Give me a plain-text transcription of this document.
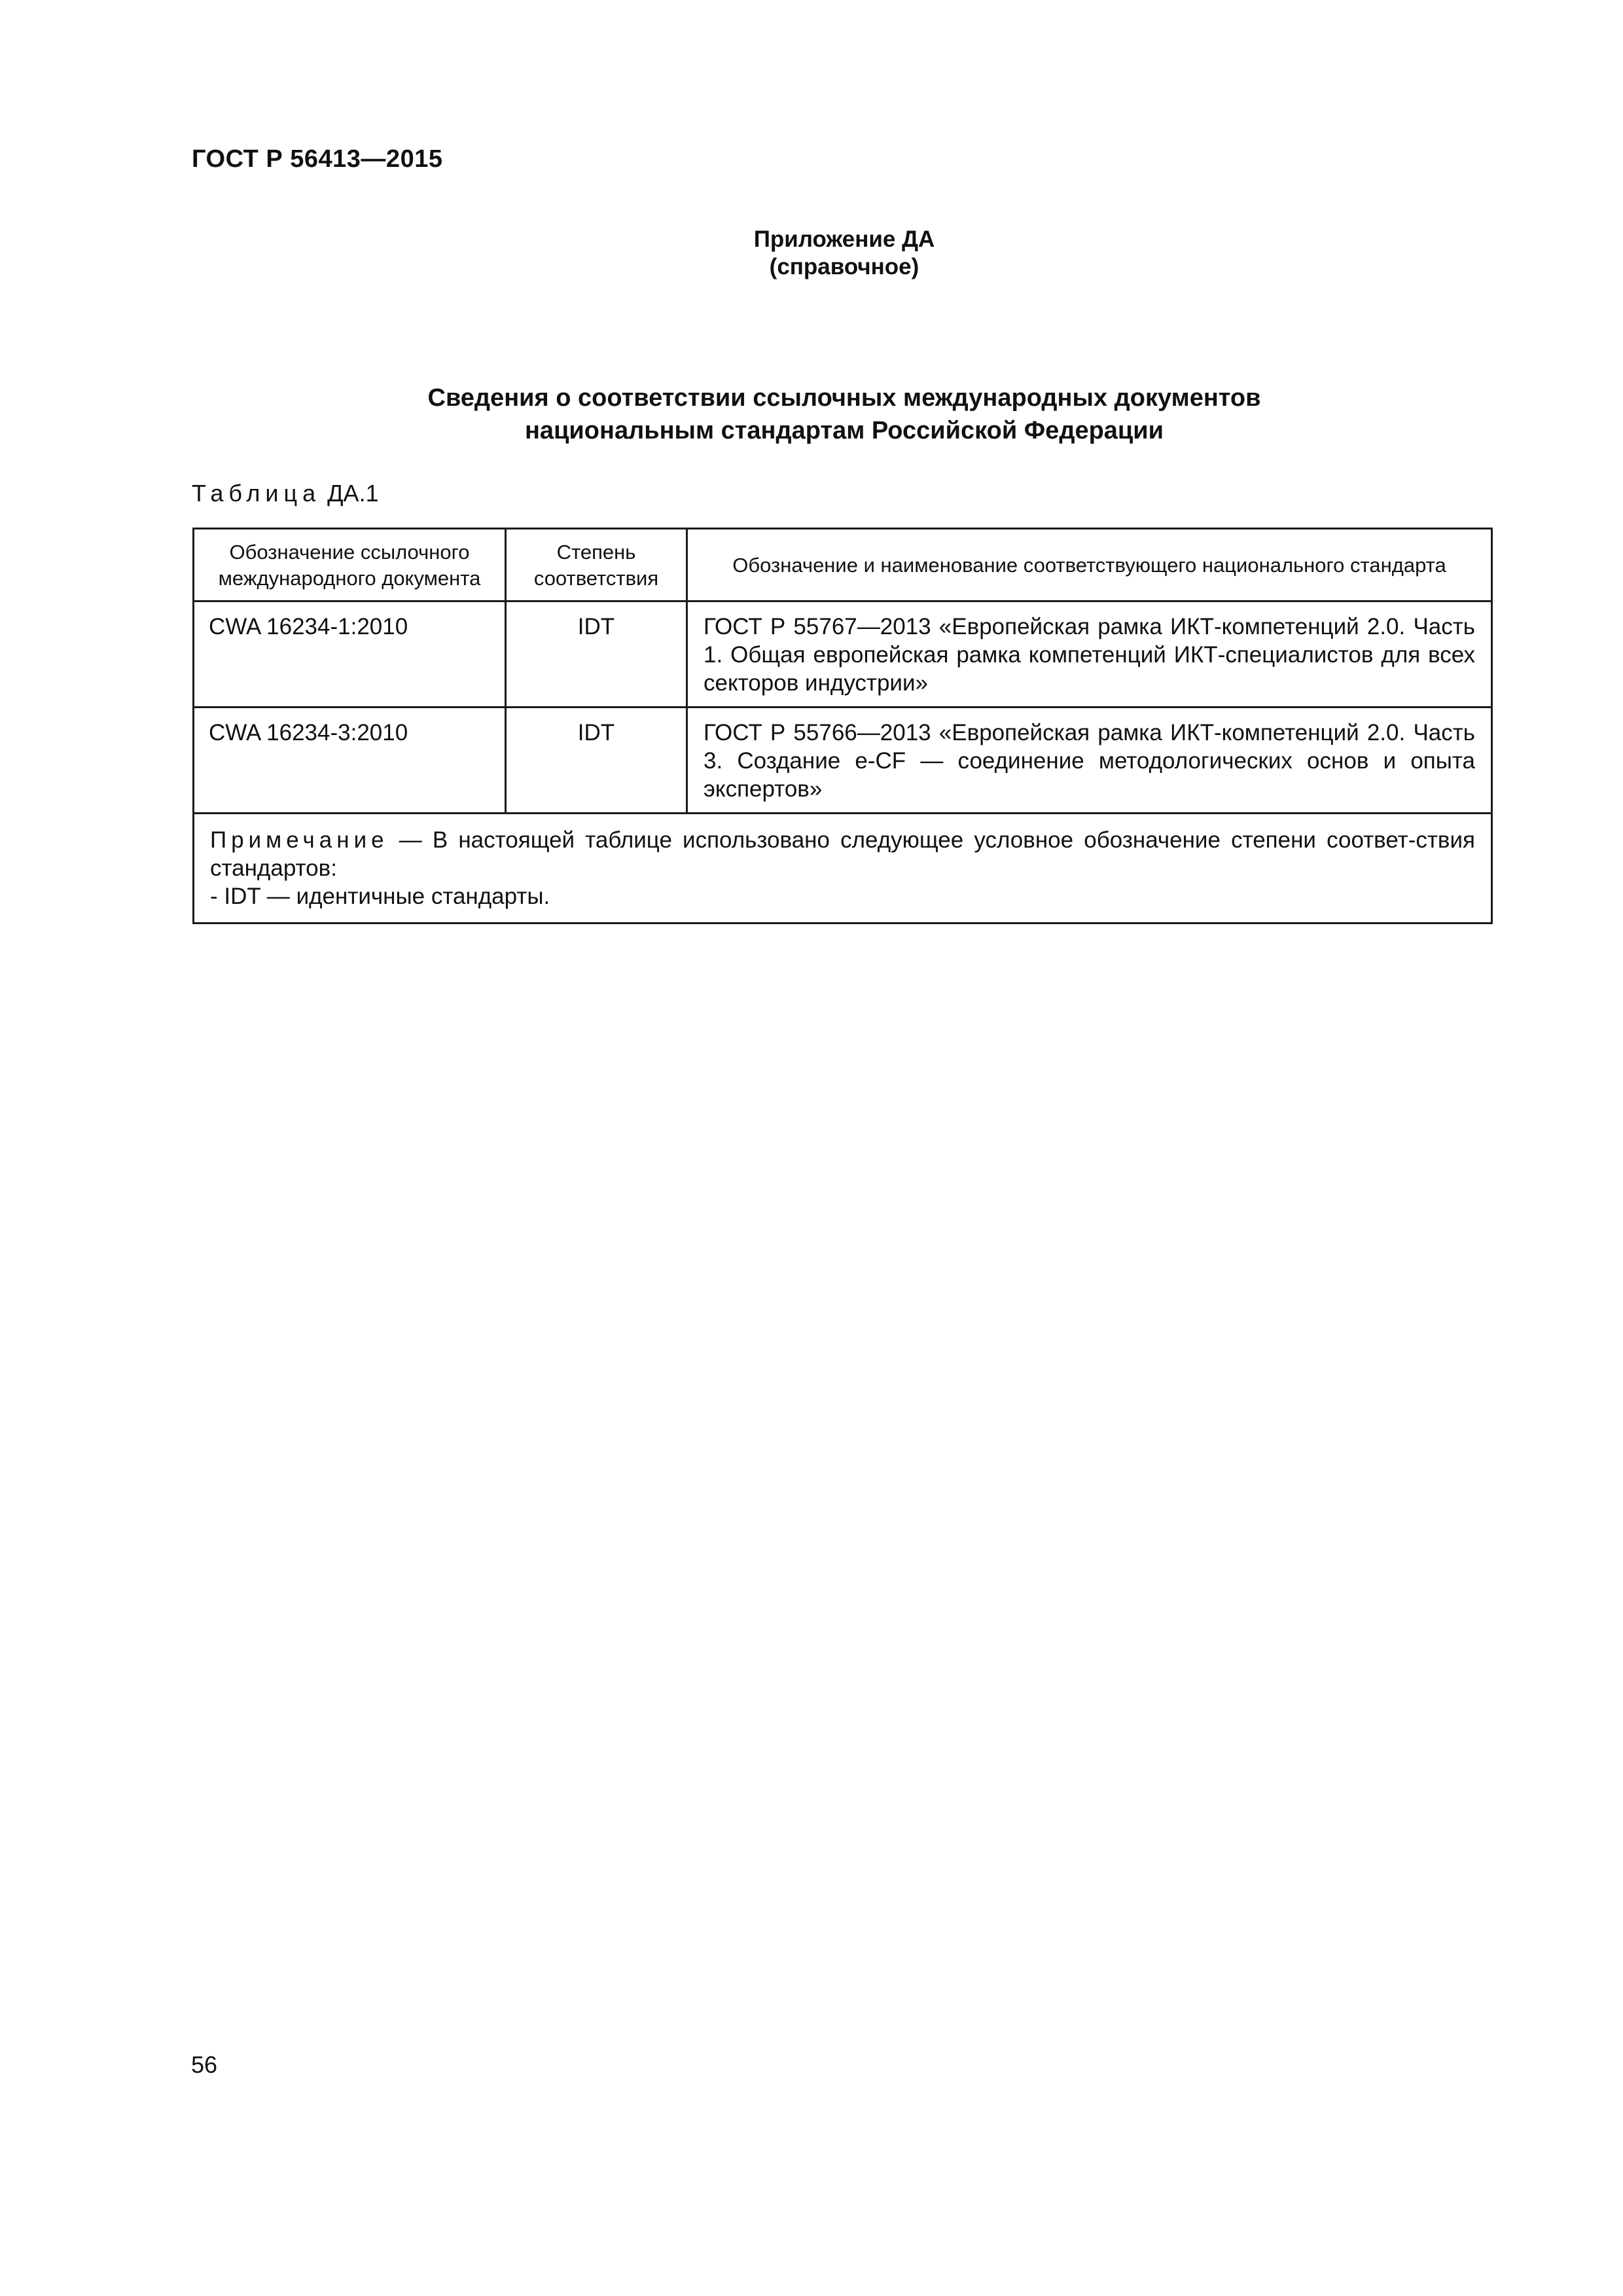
ГОСТ Р 56413—2015
Приложение ДА
(справочное)
Сведения о соответствии ссылочных международных документов
национальным стандартам Российской Федерации
Таблица ДА.1
Обозначение ссылочного международного документа	Степень соответствия	Обозначение и наименование соответствующего национального стандарта
CWA 16234-1:2010	IDT	ГОСТ Р 55767—2013 «Европейская рамка ИКТ-компетенций 2.0. Часть 1. Общая европейская рамка компетенций ИКТ-специалистов для всех секторов индустрии»
CWA 16234-3:2010	IDT	ГОСТ Р 55766—2013 «Европейская рамка ИКТ-компетенций 2.0. Часть 3. Создание e-CF — соединение методологических основ и опыта экспертов»

Примечание — В настоящей таблице использовано следующее условное обозначение степени соответ-ствия стандартов:
- IDT — идентичные стандарты.		
56
